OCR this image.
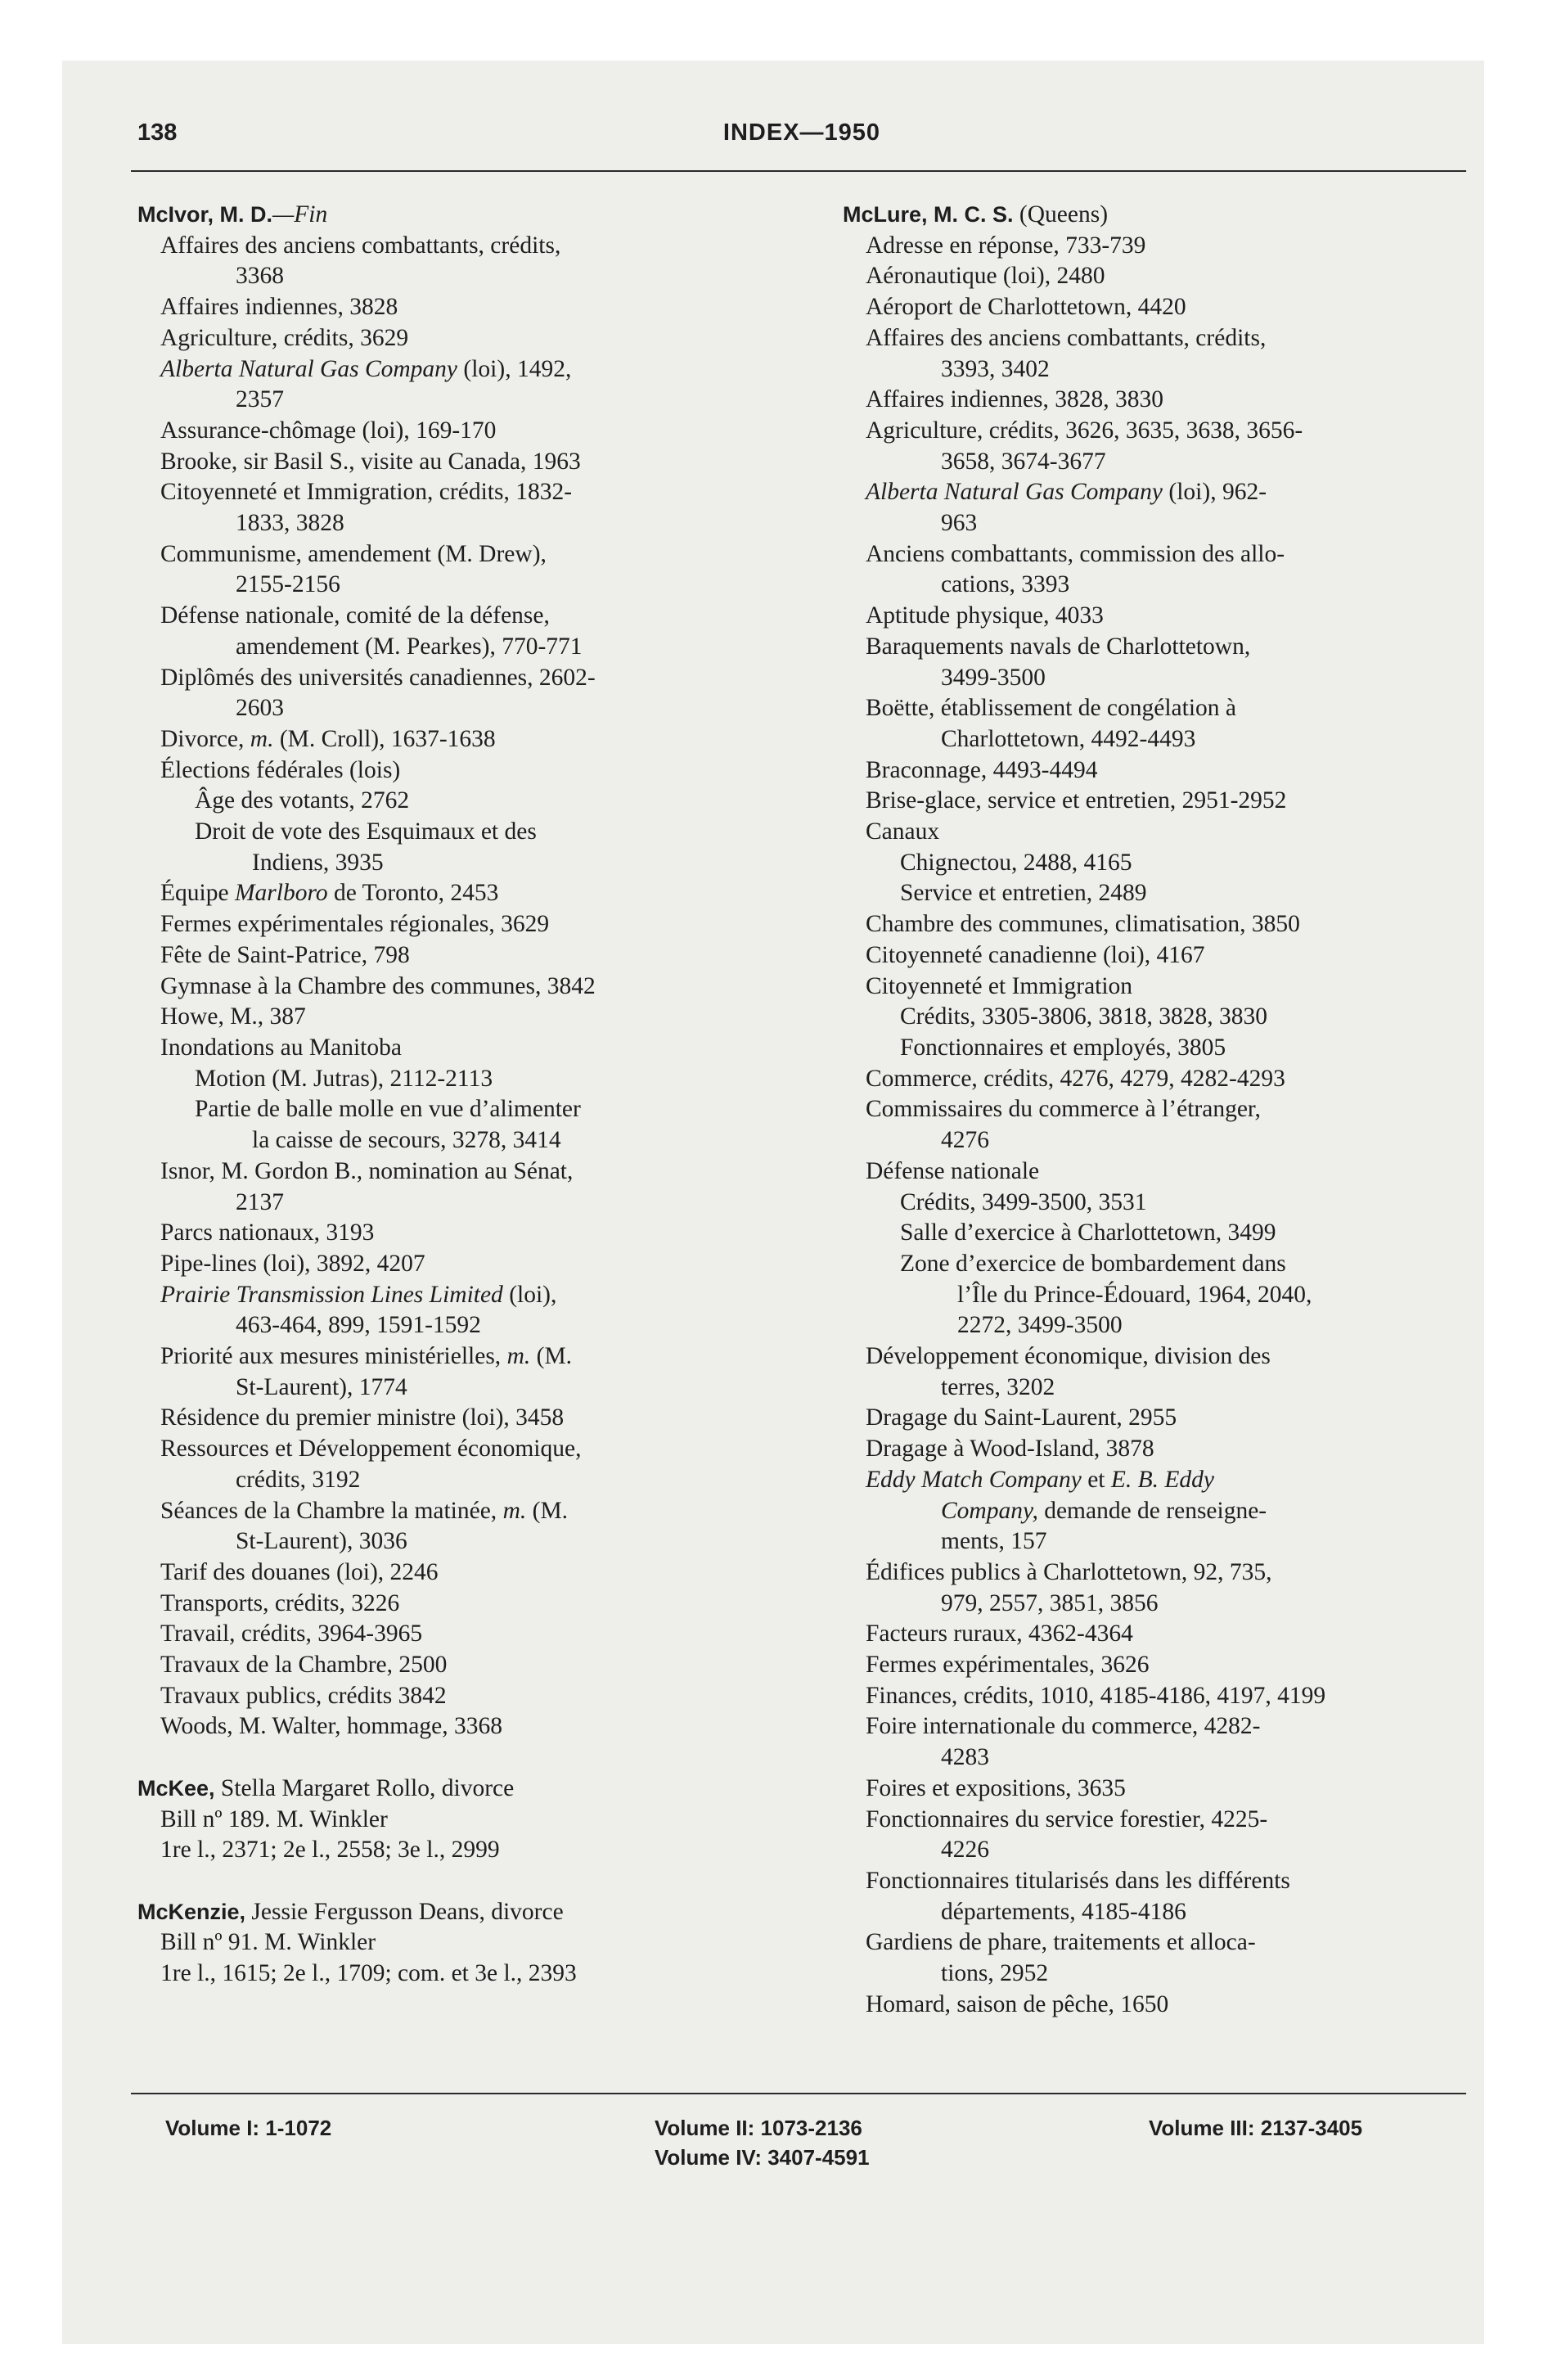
138	INDEX—1950
McIvor, M. D.—Fin
Affaires des anciens combattants, crédits,
3368
Affaires indiennes, 3828
Agriculture, crédits, 3629
Alberta Natural Gas Company (loi), 1492,
2357
Assurance-chômage (loi), 169-170
Brooke, sir Basil S., visite au Canada, 1963
Citoyenneté et Immigration, crédits, 1832-
1833, 3828
Communisme, amendement (M. Drew),
2155-2156
Défense nationale, comité de la défense,
amendement (M. Pearkes), 770-771
Diplômés des universités canadiennes, 2602-
2603
Divorce, m. (M. Croll), 1637-1638
Élections fédérales (lois)
Âge des votants, 2762
Droit de vote des Esquimaux et des
Indiens, 3935
Équipe Marlboro de Toronto, 2453
Fermes expérimentales régionales, 3629
Fête de Saint-Patrice, 798
Gymnase à la Chambre des communes, 3842
Howe, M., 387
Inondations au Manitoba
Motion (M. Jutras), 2112-2113
Partie de balle molle en vue d’alimenter
la caisse de secours, 3278, 3414
Isnor, M. Gordon B., nomination au Sénat,
2137
Parcs nationaux, 3193
Pipe-lines (loi), 3892, 4207
Prairie Transmission Lines Limited (loi),
463-464, 899, 1591-1592
Priorité aux mesures ministérielles, m. (M.
St-Laurent), 1774
Résidence du premier ministre (loi), 3458
Ressources et Développement économique,
crédits, 3192
Séances de la Chambre la matinée, m. (M.
St-Laurent), 3036
Tarif des douanes (loi), 2246
Transports, crédits, 3226
Travail, crédits, 3964-3965
Travaux de la Chambre, 2500
Travaux publics, crédits 3842
Woods, M. Walter, hommage, 3368
McKee, Stella Margaret Rollo, divorce
Bill nº 189. M. Winkler
1re l., 2371; 2e l., 2558; 3e l., 2999
McKenzie, Jessie Fergusson Deans, divorce
Bill nº 91. M. Winkler
1re l., 1615; 2e l., 1709; com. et 3e l., 2393
McLure, M. C. S. (Queens)
Adresse en réponse, 733-739
Aéronautique (loi), 2480
Aéroport de Charlottetown, 4420
Affaires des anciens combattants, crédits,
3393, 3402
Affaires indiennes, 3828, 3830
Agriculture, crédits, 3626, 3635, 3638, 3656-
3658, 3674-3677
Alberta Natural Gas Company (loi), 962-
963
Anciens combattants, commission des allo-
cations, 3393
Aptitude physique, 4033
Baraquements navals de Charlottetown,
3499-3500
Boëtte, établissement de congélation à
Charlottetown, 4492-4493
Braconnage, 4493-4494
Brise-glace, service et entretien, 2951-2952
Canaux
Chignectou, 2488, 4165
Service et entretien, 2489
Chambre des communes, climatisation, 3850
Citoyenneté canadienne (loi), 4167
Citoyenneté et Immigration
Crédits, 3305-3806, 3818, 3828, 3830
Fonctionnaires et employés, 3805
Commerce, crédits, 4276, 4279, 4282-4293
Commissaires du commerce à l’étranger,
4276
Défense nationale
Crédits, 3499-3500, 3531
Salle d’exercice à Charlottetown, 3499
Zone d’exercice de bombardement dans
l’Île du Prince-Édouard, 1964, 2040,
2272, 3499-3500
Développement économique, division des
terres, 3202
Dragage du Saint-Laurent, 2955
Dragage à Wood-Island, 3878
Eddy Match Company et E. B. Eddy
Company, demande de renseigne-
ments, 157
Édifices publics à Charlottetown, 92, 735,
979, 2557, 3851, 3856
Facteurs ruraux, 4362-4364
Fermes expérimentales, 3626
Finances, crédits, 1010, 4185-4186, 4197, 4199
Foire internationale du commerce, 4282-
4283
Foires et expositions, 3635
Fonctionnaires du service forestier, 4225-
4226
Fonctionnaires titularisés dans les différents
départements, 4185-4186
Gardiens de phare, traitements et alloca-
tions, 2952
Homard, saison de pêche, 1650
Volume I: 1-1072	Volume II: 1073-2136
Volume IV: 3407-4591
Volume III: 2137-3405
